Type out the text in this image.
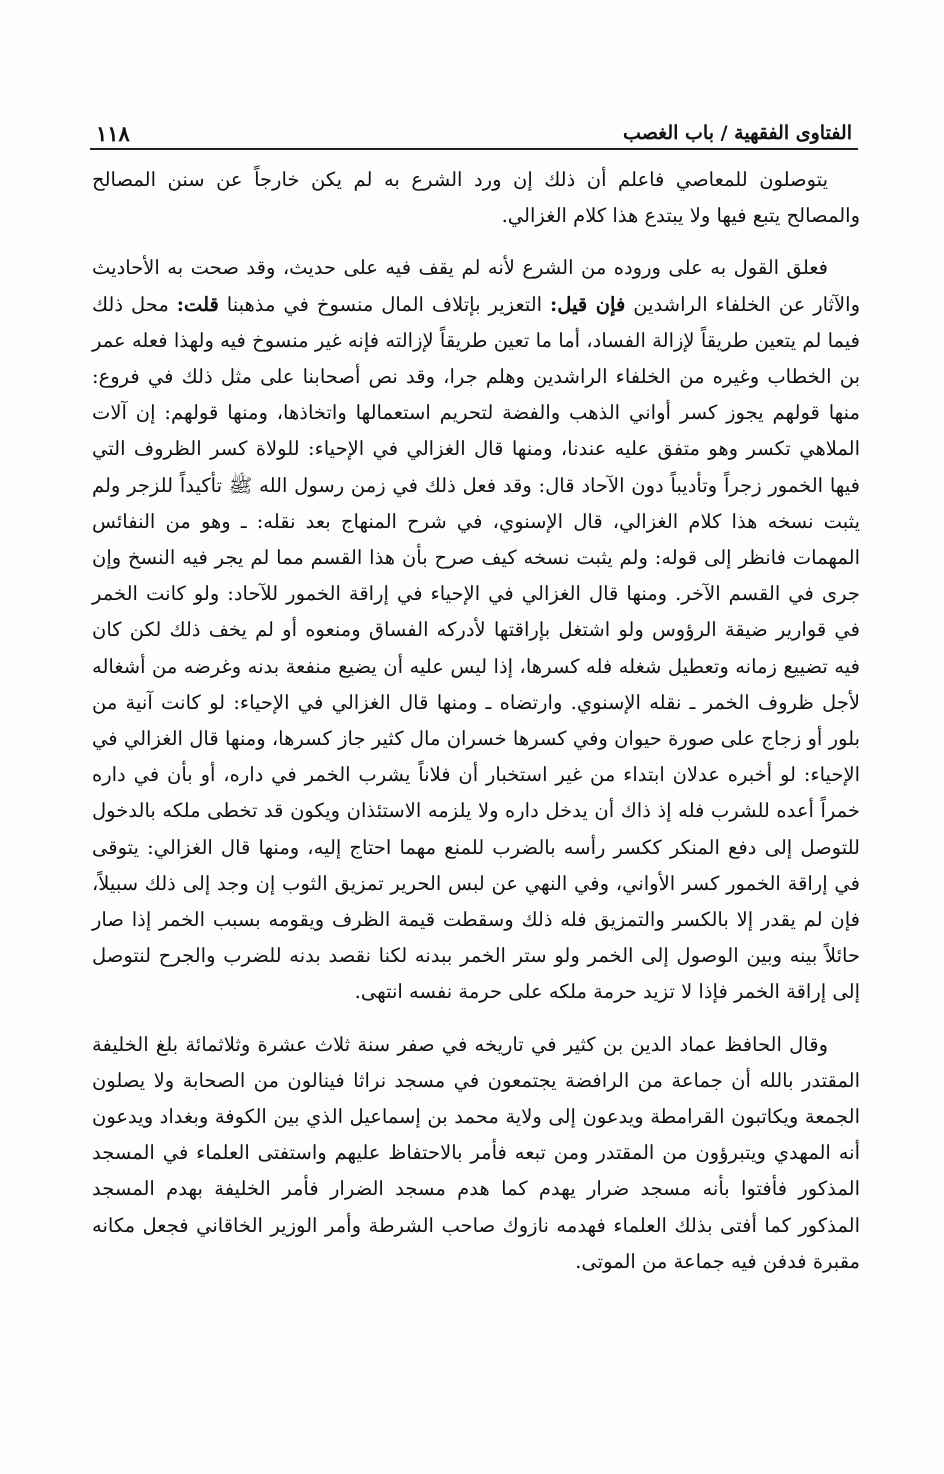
١١٨	الفتاوى الفقهية / باب الغصب

يتوصلون للمعاصي فاعلم أن ذلك إن ورد الشرع به لم يكن خارجاً عن سنن المصالح والمصالح يتبع فيها ولا يبتدع هذا كلام الغزالي.

فعلق القول به على وروده من الشرع لأنه لم يقف فيه على حديث، وقد صحت به الأحاديث والآثار عن الخلفاء الراشدين فإن قيل: التعزير بإتلاف المال منسوخ في مذهبنا قلت: محل ذلك فيما لم يتعين طريقاً لإزالة الفساد، أما ما تعين طريقاً لإزالته فإنه غير منسوخ فيه ولهذا فعله عمر بن الخطاب وغيره من الخلفاء الراشدين وهلم جرا، وقد نص أصحابنا على مثل ذلك في فروع: منها قولهم يجوز كسر أواني الذهب والفضة لتحريم استعمالها واتخاذها، ومنها قولهم: إن آلات الملاهي تكسر وهو متفق عليه عندنا، ومنها قال الغزالي في الإحياء: للولاة كسر الظروف التي فيها الخمور زجراً وتأديباً دون الآحاد قال: وقد فعل ذلك في زمن رسول الله ﷺ تأكيداً للزجر ولم يثبت نسخه هذا كلام الغزالي، قال الإسنوي، في شرح المنهاج بعد نقله: ـ وهو من النفائس المهمات فانظر إلى قوله: ولم يثبت نسخه كيف صرح بأن هذا القسم مما لم يجر فيه النسخ وإن جرى في القسم الآخر. ومنها قال الغزالي في الإحياء في إراقة الخمور للآحاد: ولو كانت الخمر في قوارير ضيقة الرؤوس ولو اشتغل بإراقتها لأدركه الفساق ومنعوه أو لم يخف ذلك لكن كان فيه تضييع زمانه وتعطيل شغله فله كسرها، إذا ليس عليه أن يضيع منفعة بدنه وغرضه من أشغاله لأجل ظروف الخمر ـ نقله الإسنوي. وارتضاه ـ ومنها قال الغزالي في الإحياء: لو كانت آنية من بلور أو زجاج على صورة حيوان وفي كسرها خسران مال كثير جاز كسرها، ومنها قال الغزالي في الإحياء: لو أخبره عدلان ابتداء من غير استخبار أن فلاناً يشرب الخمر في داره، أو بأن في داره خمراً أعده للشرب فله إذ ذاك أن يدخل داره ولا يلزمه الاستئذان ويكون قد تخطى ملكه بالدخول للتوصل إلى دفع المنكر ككسر رأسه بالضرب للمنع مهما احتاج إليه، ومنها قال الغزالي: يتوقى في إراقة الخمور كسر الأواني، وفي النهي عن لبس الحرير تمزيق الثوب إن وجد إلى ذلك سبيلاً، فإن لم يقدر إلا بالكسر والتمزيق فله ذلك وسقطت قيمة الظرف ويقومه بسبب الخمر إذا صار حائلاً بينه وبين الوصول إلى الخمر ولو ستر الخمر ببدنه لكنا نقصد بدنه للضرب والجرح لنتوصل إلى إراقة الخمر فإذا لا تزيد حرمة ملكه على حرمة نفسه انتهى.

وقال الحافظ عماد الدين بن كثير في تاريخه في صفر سنة ثلاث عشرة وثلاثمائة بلغ الخليفة المقتدر بالله أن جماعة من الرافضة يجتمعون في مسجد نراثا فينالون من الصحابة ولا يصلون الجمعة ويكاتبون القرامطة ويدعون إلى ولاية محمد بن إسماعيل الذي بين الكوفة وبغداد ويدعون أنه المهدي ويتبرؤون من المقتدر ومن تبعه فأمر بالاحتفاظ عليهم واستفتى العلماء في المسجد المذكور فأفتوا بأنه مسجد ضرار يهدم كما هدم مسجد الضرار فأمر الخليفة بهدم المسجد المذكور كما أفتى بذلك العلماء فهدمه نازوك صاحب الشرطة وأمر الوزير الخاقاني فجعل مكانه مقبرة فدفن فيه جماعة من الموتى.
